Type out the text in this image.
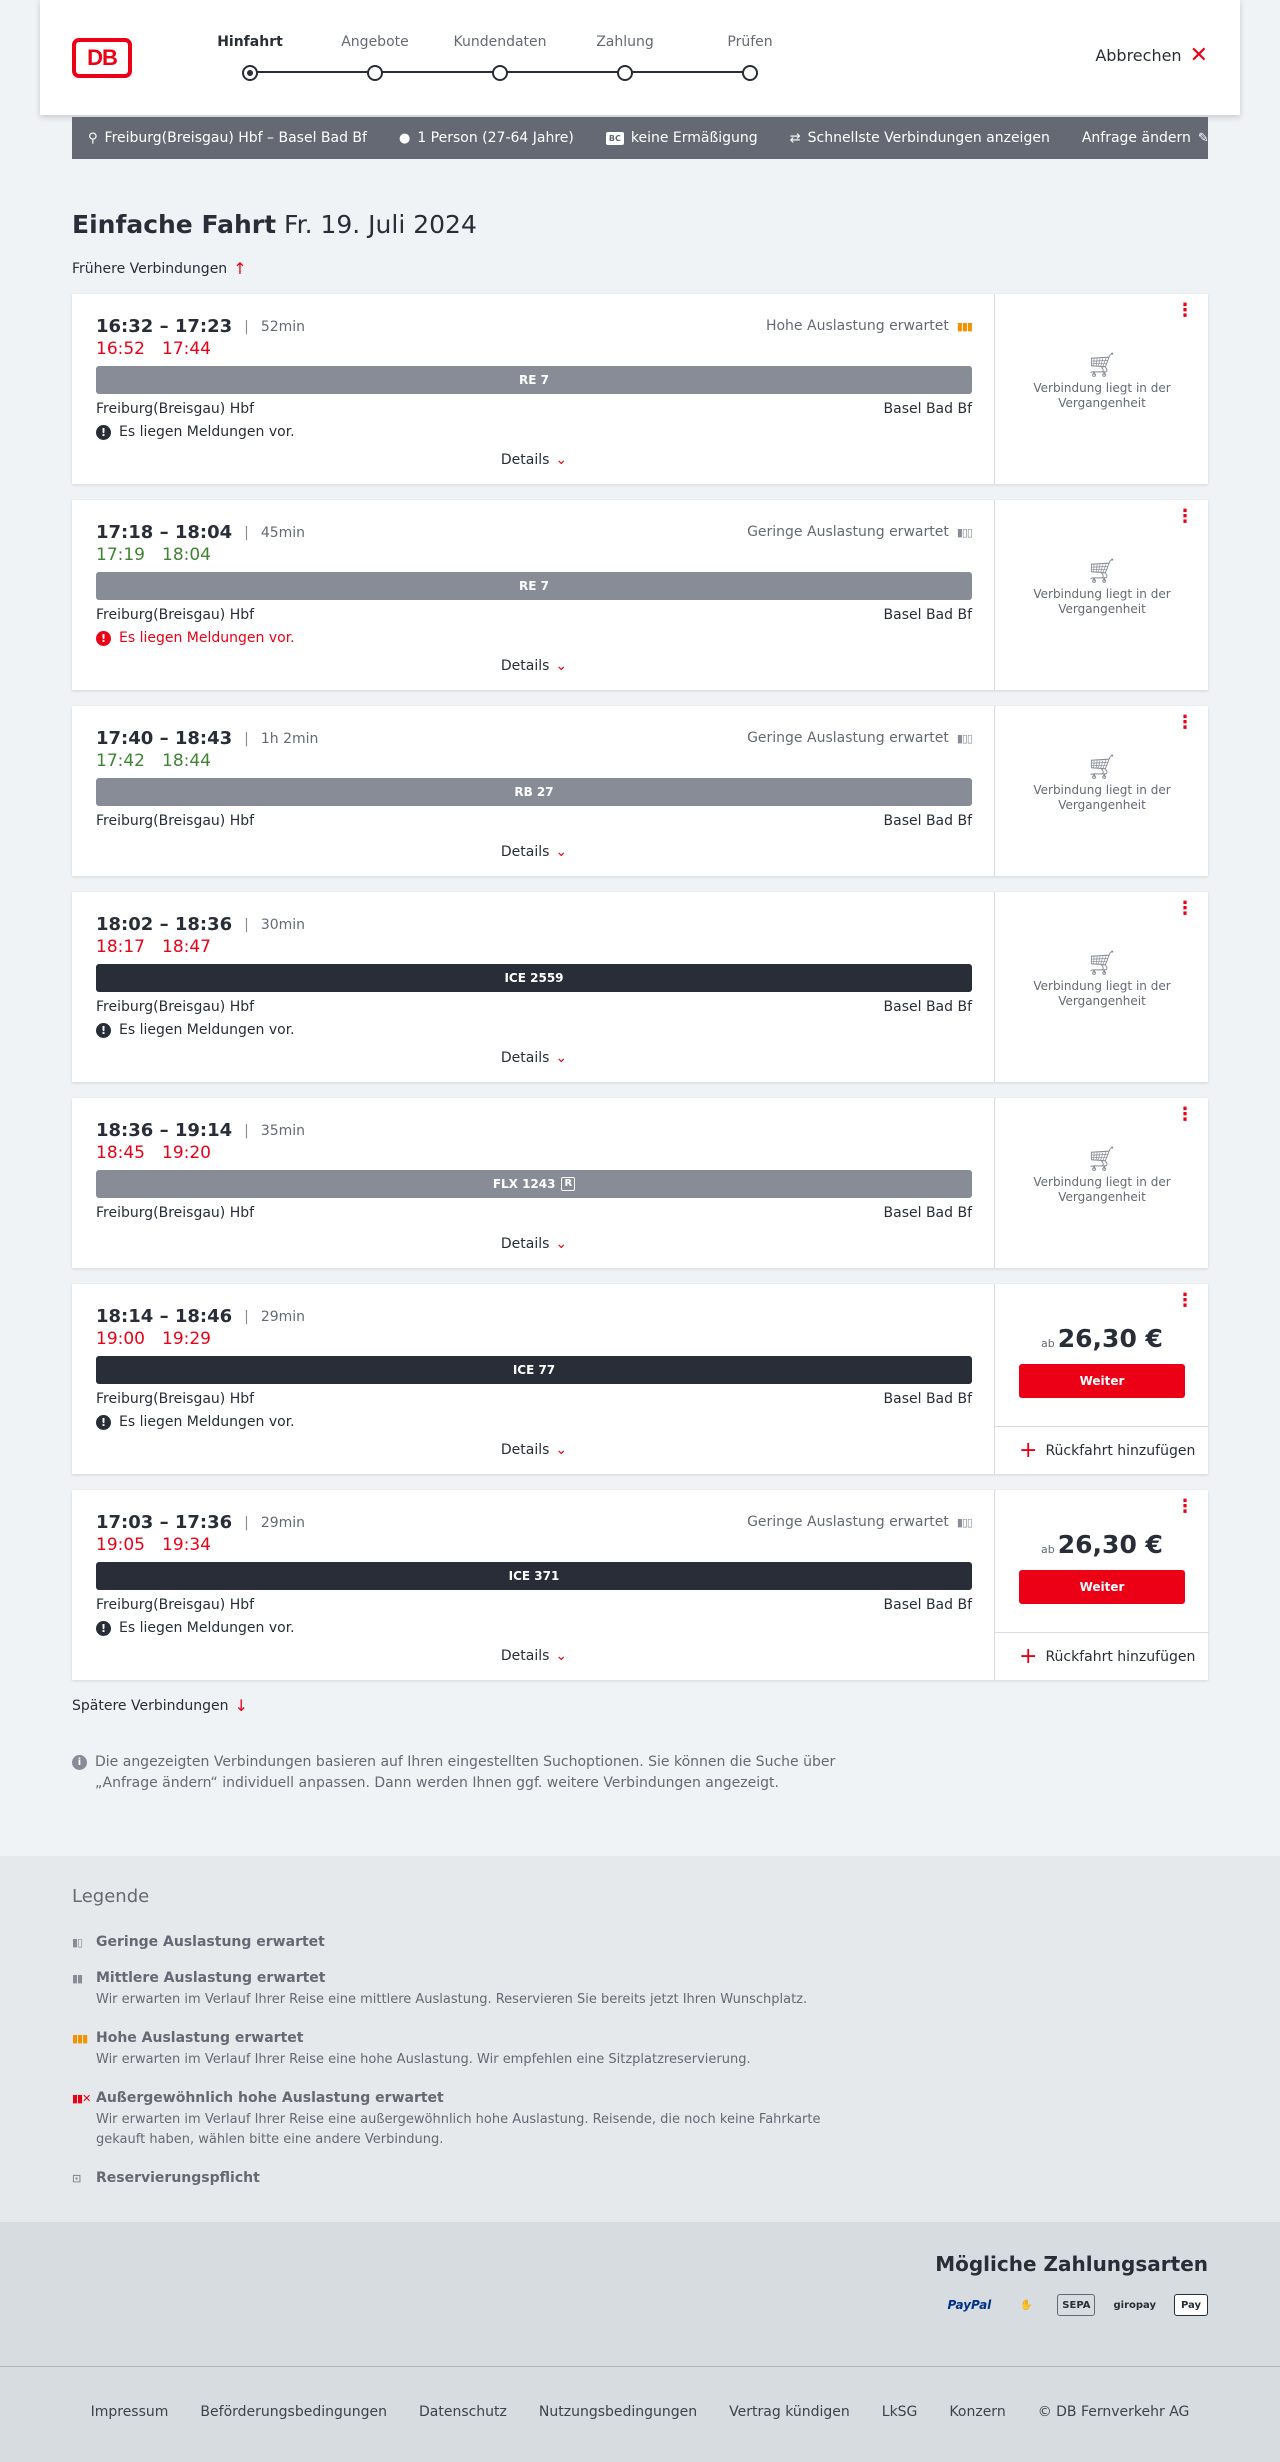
DB
Hinfahrt	Angebote	Kundendaten	Zahlung	Prüfen
Abbrechen ✕
⚲ Freiburg(Breisgau) Hbf – Basel Bad Bf ● 1 Person (27-64 Jahre)	BC keine Ermäßigung ⇄ Schnellste Verbindungen anzeigen Anfrage ändern ✎
Einfache Fahrt Fr. 19. Juli 2024
Frühere Verbindungen ↑
16:32 – 17:23 | 52min
16:52 17:44
Hohe Auslastung erwartet ▮▮▮
RE 7
Freiburg(Breisgau) Hbf	Basel Bad Bf
! Es liegen Meldungen vor.
Details ⌄
⋮
🛒︎
Verbindung liegt in der Vergangenheit
17:18 – 18:04 | 45min
17:19 18:04
Geringe Auslastung erwartet ▮▯▯
RE 7
Freiburg(Breisgau) Hbf	Basel Bad Bf
! Es liegen Meldungen vor.
Details ⌄
⋮
🛒︎
Verbindung liegt in der Vergangenheit
17:40 – 18:43 | 1h 2min
17:42 18:44
Geringe Auslastung erwartet ▮▯▯
RB 27
Freiburg(Breisgau) Hbf	Basel Bad Bf
Details ⌄
⋮
🛒︎
Verbindung liegt in der Vergangenheit
18:02 – 18:36 | 30min
18:17 18:47
ICE 2559
Freiburg(Breisgau) Hbf	Basel Bad Bf
! Es liegen Meldungen vor.
Details ⌄
⋮
🛒︎
Verbindung liegt in der Vergangenheit
18:36 – 19:14 | 35min
18:45 19:20
FLX 1243 R
Freiburg(Breisgau) Hbf	Basel Bad Bf
Details ⌄
⋮
🛒︎
Verbindung liegt in der Vergangenheit
18:14 – 18:46 | 29min
19:00 19:29
ICE 77
Freiburg(Breisgau) Hbf	Basel Bad Bf
! Es liegen Meldungen vor.
Details ⌄
⋮
ab 26,30 €
Weiter
+ Rückfahrt hinzufügen
17:03 – 17:36 | 29min
19:05 19:34
Geringe Auslastung erwartet ▮▯▯
ICE 371
Freiburg(Breisgau) Hbf	Basel Bad Bf
! Es liegen Meldungen vor.
Details ⌄
⋮
ab 26,30 €
Weiter
+ Rückfahrt hinzufügen
Spätere Verbindungen ↓
i Die angezeigten Verbindungen basieren auf Ihren eingestellten Suchoptionen. Sie können die Suche über „Anfrage ändern“ individuell anpassen. Dann werden Ihnen ggf. weitere Verbindungen angezeigt.
Legende
▮▯ Geringe Auslastung erwartet
▮▮ Mittlere Auslastung erwartet
Wir erwarten im Verlauf Ihrer Reise eine mittlere Auslastung. Reservieren Sie bereits jetzt Ihren Wunschplatz.
▮▮▮ Hohe Auslastung erwartet
Wir erwarten im Verlauf Ihrer Reise eine hohe Auslastung. Wir empfehlen eine Sitzplatzreservierung.
▮▮✕ Außergewöhnlich hohe Auslastung erwartet
Wir erwarten im Verlauf Ihrer Reise eine außergewöhnlich hohe Auslastung. Reisende, die noch keine Fahrkarte gekauft haben, wählen bitte eine andere Verbindung.
⊡	Reservierungspflicht
Mögliche Zahlungsarten
PayPal	✋	SEPA	giropay	Pay
Impressum Beförderungsbedingungen Datenschutz Nutzungsbedingungen Vertrag kündigen LkSG Konzern © DB Fernverkehr AG
